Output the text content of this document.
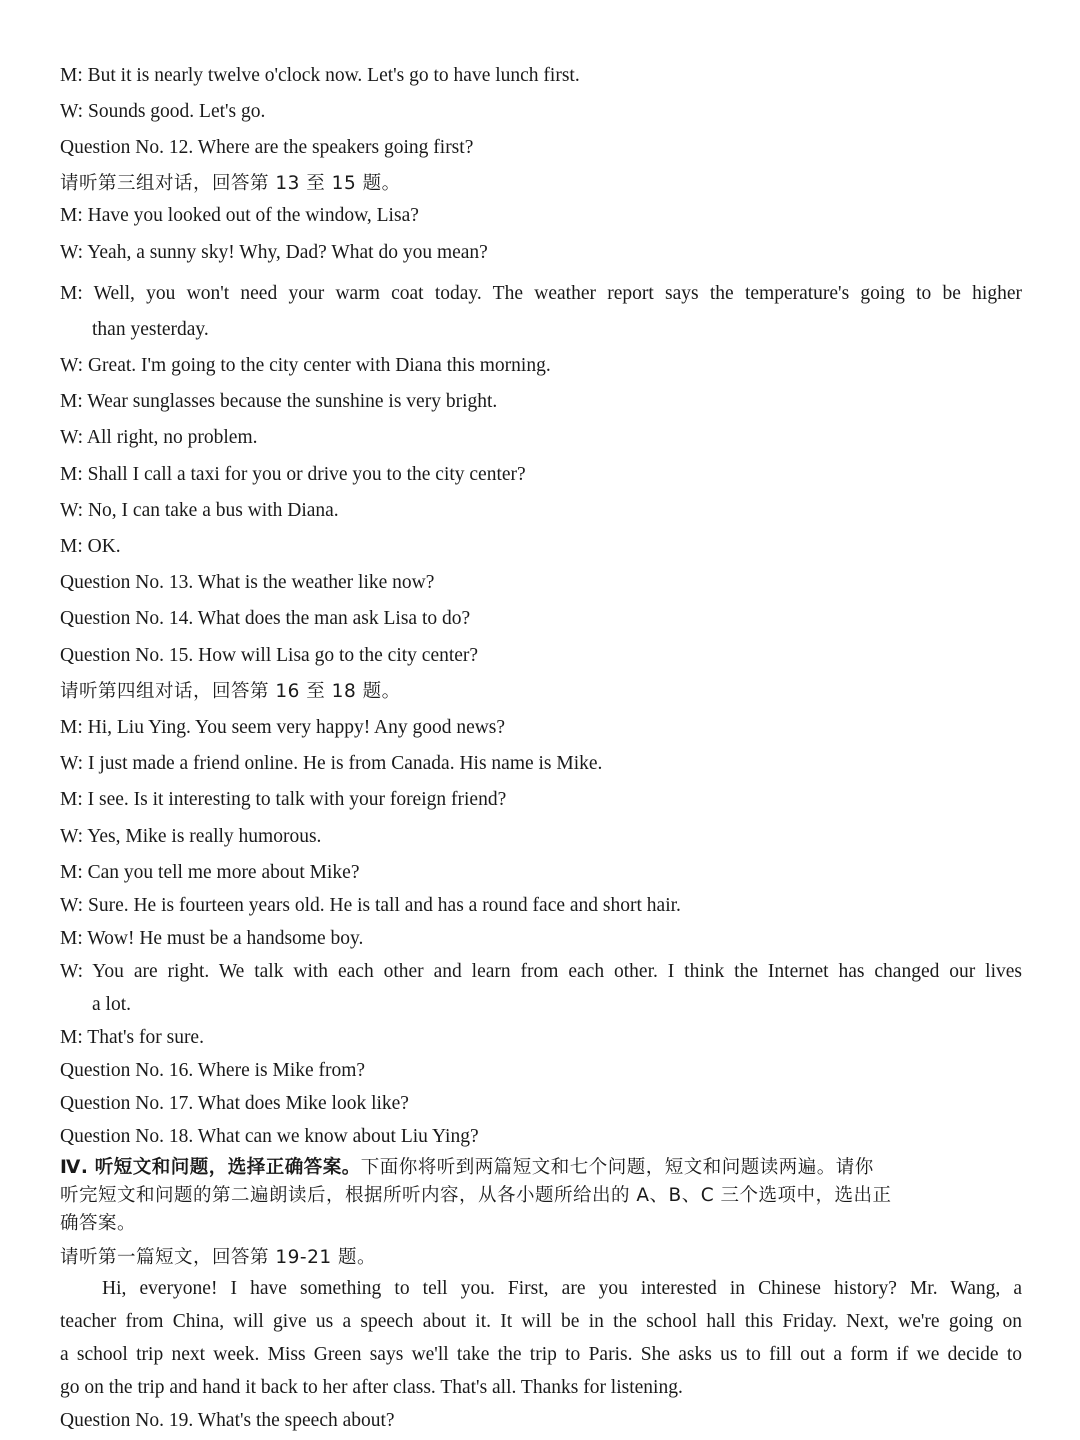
M: But it is nearly twelve o'clock now. Let's go to have lunch first.
W: Sounds good. Let's go.
Question No. 12. Where are the speakers going first?
请听第三组对话，回答第 13 至 15 题。
M: Have you looked out of the window, Lisa?
W: Yeah, a sunny sky! Why, Dad? What do you mean?
M: Well, you won't need your warm coat today. The weather report says the temperature's going to be higher
than yesterday.
W: Great. I'm going to the city center with Diana this morning.
M: Wear sunglasses because the sunshine is very bright.
W: All right, no problem.
M: Shall I call a taxi for you or drive you to the city center?
W: No, I can take a bus with Diana.
M: OK.
Question No. 13. What is the weather like now?
Question No. 14. What does the man ask Lisa to do?
Question No. 15. How will Lisa go to the city center?
请听第四组对话，回答第 16 至 18 题。
M: Hi, Liu Ying. You seem very happy! Any good news?
W: I just made a friend online. He is from Canada. His name is Mike.
M: I see. Is it interesting to talk with your foreign friend?
W: Yes, Mike is really humorous.
M: Can you tell me more about Mike?
W: Sure. He is fourteen years old. He is tall and has a round face and short hair.
M: Wow! He must be a handsome boy.
W: You are right. We talk with each other and learn from each other. I think the Internet has changed our lives
a lot.
M: That's for sure.
Question No. 16. Where is Mike from?
Question No. 17. What does Mike look like?
Question No. 18. What can we know about Liu Ying?
Ⅳ. 听短文和问题，选择正确答案。下面你将听到两篇短文和七个问题，短文和问题读两遍。请你
听完短文和问题的第二遍朗读后，根据所听内容，从各小题所给出的 A、B、C 三个选项中，选出正
确答案。
请听第一篇短文，回答第 19-21 题。
Hi, everyone! I have something to tell you. First, are you interested in Chinese history? Mr. Wang, a
teacher from China, will give us a speech about it. It will be in the school hall this Friday. Next, we're going on
a school trip next week. Miss Green says we'll take the trip to Paris. She asks us to fill out a form if we decide to
go on the trip and hand it back to her after class. That's all. Thanks for listening.
Question No. 19. What's the speech about?
